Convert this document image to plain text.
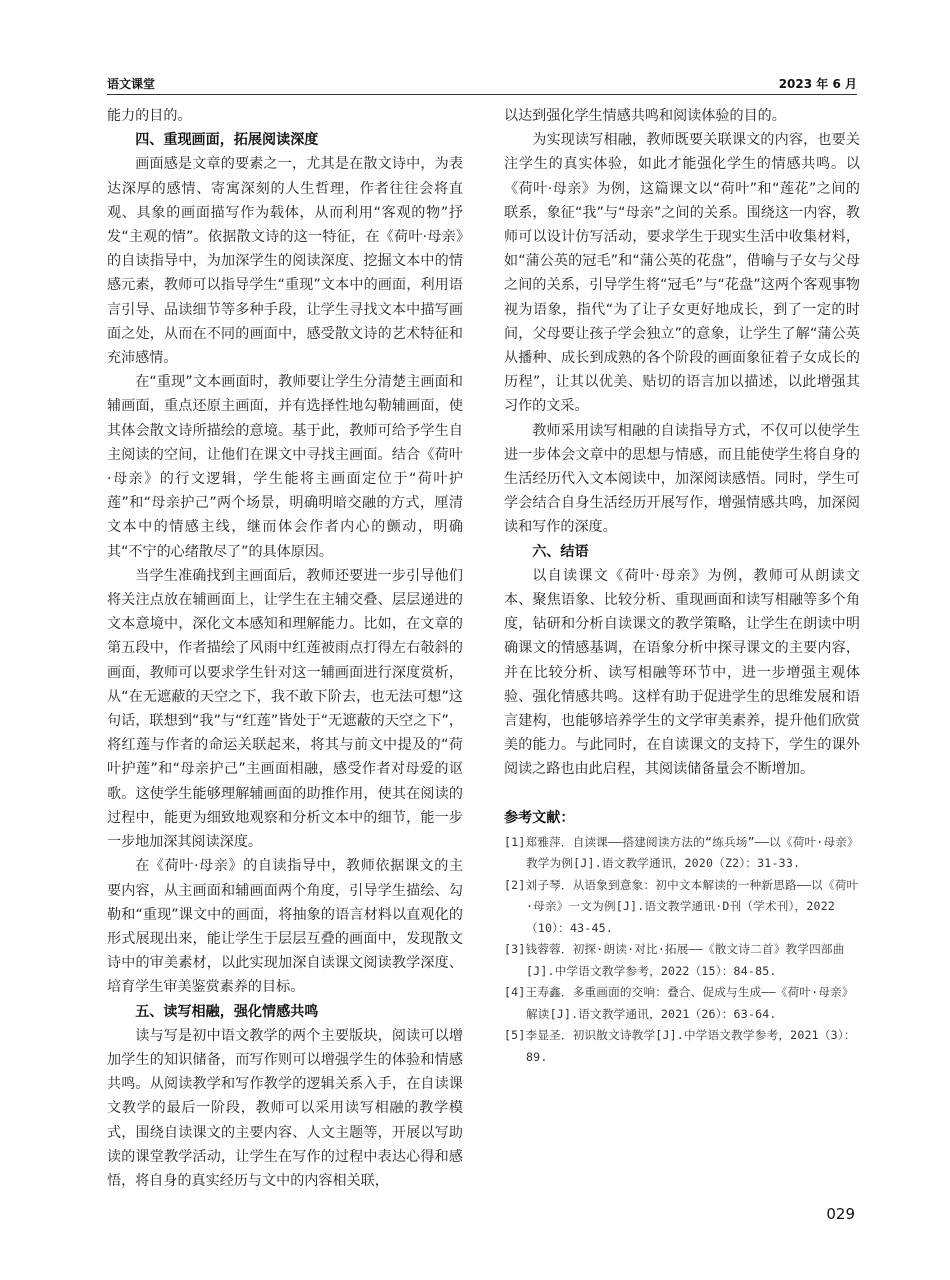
语文课堂	2023 年 6 月

能力的目的。

四、重现画面，拓展阅读深度

画面感是文章的要素之一，尤其是在散文诗中，为表达深厚的感情、寄寓深刻的人生哲理，作者往往会将直观、具象的画面描写作为载体，从而利用“客观的物”抒发“主观的情”。依据散文诗的这一特征，在《荷叶·母亲》的自读指导中，为加深学生的阅读深度、挖掘文本中的情感元素，教师可以指导学生“重现”文本中的画面，利用语言引导、品读细节等多种手段，让学生寻找文本中描写画面之处，从而在不同的画面中，感受散文诗的艺术特征和充沛感情。

在“重现”文本画面时，教师要让学生分清楚主画面和辅画面，重点还原主画面，并有选择性地勾勒辅画面，使其体会散文诗所描绘的意境。基于此，教师可给予学生自主阅读的空间，让他们在课文中寻找主画面。结合《荷叶·母亲》的行文逻辑，学生能将主画面定位于“荷叶护莲”和“母亲护己”两个场景，明确明暗交融的方式，厘清文本中的情感主线，继而体会作者内心的颤动，明确其“不宁的心绪散尽了”的具体原因。

当学生准确找到主画面后，教师还要进一步引导他们将关注点放在辅画面上，让学生在主辅交叠、层层递进的文本意境中，深化文本感知和理解能力。比如，在文章的第五段中，作者描绘了风雨中红莲被雨点打得左右攲斜的画面，教师可以要求学生针对这一辅画面进行深度赏析，从“在无遮蔽的天空之下，我不敢下阶去，也无法可想”这句话，联想到“我”与“红莲”皆处于“无遮蔽的天空之下”，将红莲与作者的命运关联起来，将其与前文中提及的“荷叶护莲”和“母亲护己”主画面相融，感受作者对母爱的讴歌。这使学生能够理解辅画面的助推作用，使其在阅读的过程中，能更为细致地观察和分析文本中的细节，能一步一步地加深其阅读深度。

在《荷叶·母亲》的自读指导中，教师依据课文的主要内容，从主画面和辅画面两个角度，引导学生描绘、勾勒和“重现”课文中的画面，将抽象的语言材料以直观化的形式展现出来，能让学生于层层互叠的画面中，发现散文诗中的审美素材，以此实现加深自读课文阅读教学深度、培育学生审美鉴赏素养的目标。

五、读写相融，强化情感共鸣

读与写是初中语文教学的两个主要版块，阅读可以增加学生的知识储备，而写作则可以增强学生的体验和情感共鸣。从阅读教学和写作教学的逻辑关系入手，在自读课文教学的最后一阶段，教师可以采用读写相融的教学模式，围绕自读课文的主要内容、人文主题等，开展以写助读的课堂教学活动，让学生在写作的过程中表达心得和感悟，将自身的真实经历与文中的内容相关联，

以达到强化学生情感共鸣和阅读体验的目的。

为实现读写相融，教师既要关联课文的内容，也要关注学生的真实体验，如此才能强化学生的情感共鸣。以《荷叶·母亲》为例，这篇课文以“荷叶”和“莲花”之间的联系，象征“我”与“母亲”之间的关系。围绕这一内容，教师可以设计仿写活动，要求学生于现实生活中收集材料，如“蒲公英的冠毛”和“蒲公英的花盘”，借喻与子女与父母之间的关系，引导学生将“冠毛”与“花盘”这两个客观事物视为语象，指代“为了让子女更好地成长，到了一定的时间，父母要让孩子学会独立”的意象，让学生了解“蒲公英从播种、成长到成熟的各个阶段的画面象征着子女成长的历程”，让其以优美、贴切的语言加以描述，以此增强其习作的文采。

教师采用读写相融的自读指导方式，不仅可以使学生进一步体会文章中的思想与情感，而且能使学生将自身的生活经历代入文本阅读中，加深阅读感悟。同时，学生可学会结合自身生活经历开展写作，增强情感共鸣，加深阅读和写作的深度。

六、结语

以自读课文《荷叶·母亲》为例，教师可从朗读文本、聚焦语象、比较分析、重现画面和读写相融等多个角度，钻研和分析自读课文的教学策略，让学生在朗读中明确课文的情感基调，在语象分析中探寻课文的主要内容，并在比较分析、读写相融等环节中，进一步增强主观体验、强化情感共鸣。这样有助于促进学生的思维发展和语言建构，也能够培养学生的文学审美素养，提升他们欣赏美的能力。与此同时，在自读课文的支持下，学生的课外阅读之路也由此启程，其阅读储备量会不断增加。

参考文献：

[1]郑雅萍．自读课——搭建阅读方法的“练兵场”——以《荷叶·母亲》教学为例[J].语文教学通讯，2020（Z2）：31-33.

[2]刘子琴．从语象到意象：初中文本解读的一种新思路——以《荷叶·母亲》一文为例[J].语文教学通讯·D刊（学术刊），2022（10）：43-45.

[3]钱蓉蓉．初探·朗读·对比·拓展——《散文诗二首》教学四部曲[J].中学语文教学参考，2022（15）：84-85.

[4]王寿鑫．多重画面的交响：叠合、促成与生成——《荷叶·母亲》解读[J].语文教学通讯，2021（26）：63-64.

[5]李显圣．初识散文诗教学[J].中学语文教学参考，2021（3）：89.

029
